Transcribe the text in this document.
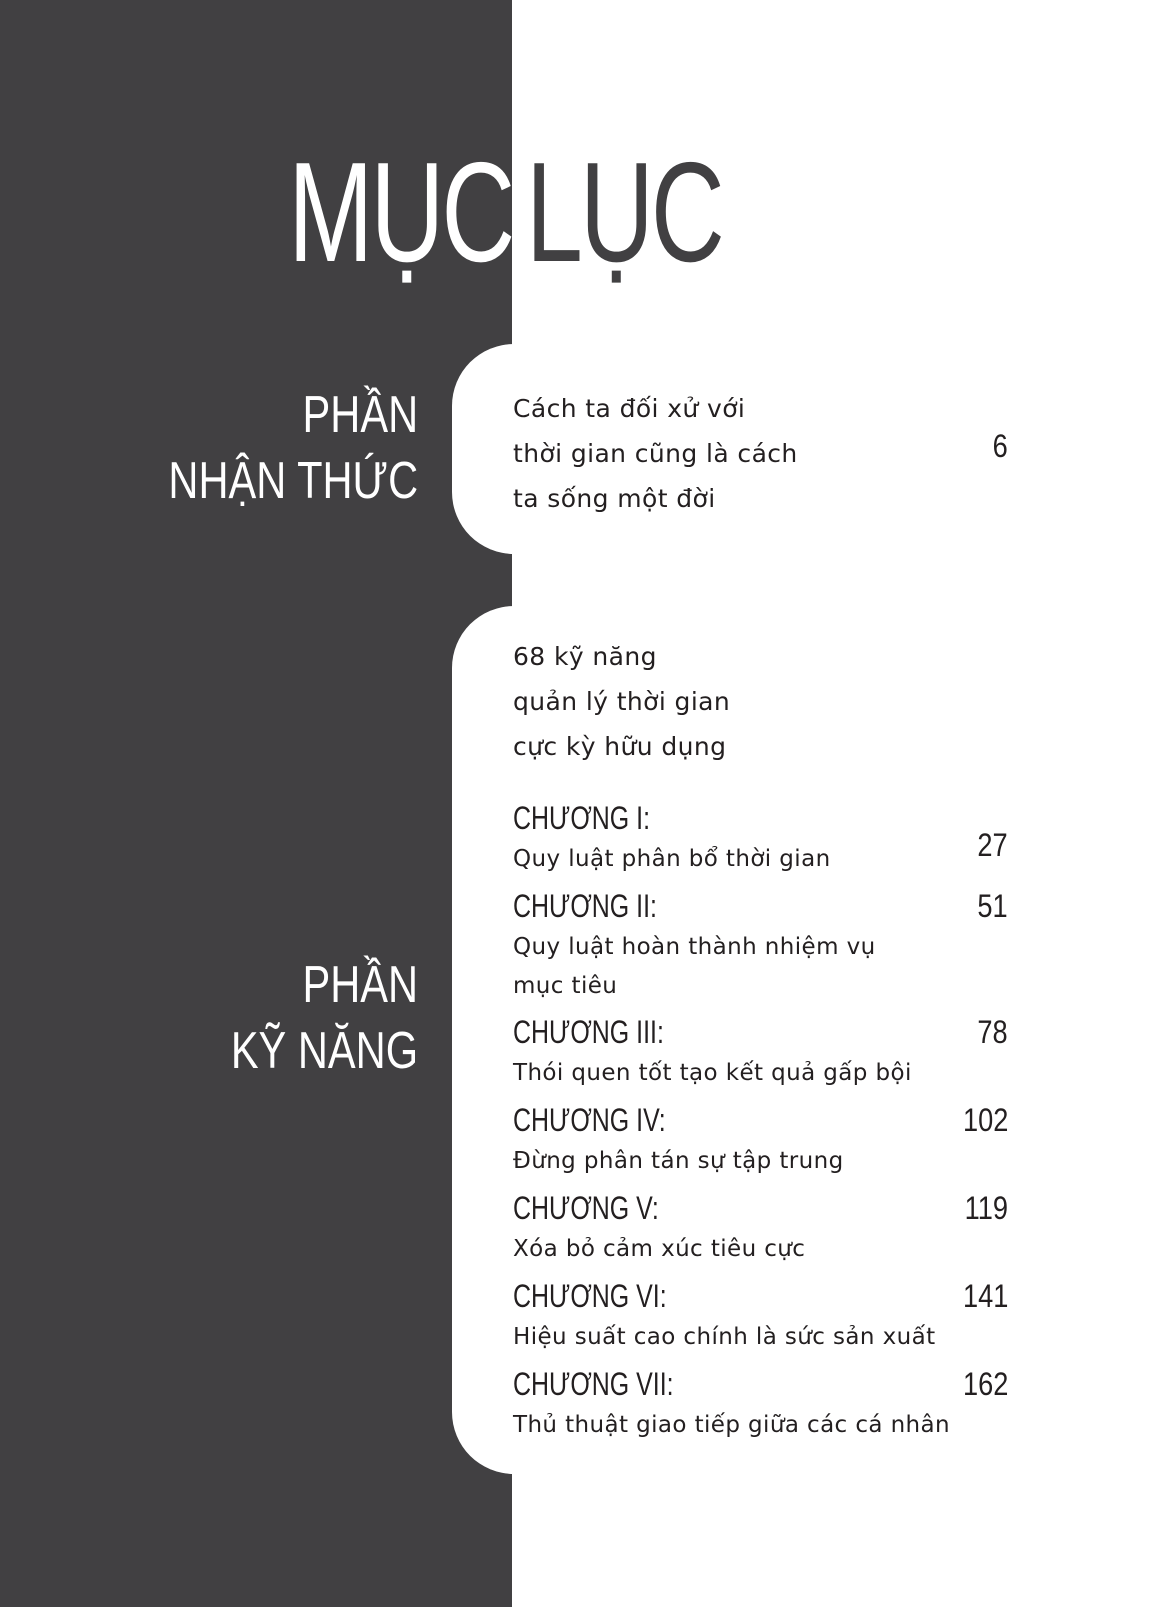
MỤC LỤC
PHẦN
NHẬN THỨC
Cách ta đối xử với
thời gian cũng là cách
ta sống một đời
6
PHẦN
KỸ NĂNG
68 kỹ năng
quản lý thời gian
cực kỳ hữu dụng
CHƯƠNG I:
Quy luật phân bổ thời gian	27
CHƯƠNG II:
Quy luật hoàn thành nhiệm vụ
mục tiêu
51
CHƯƠNG III:
Thói quen tốt tạo kết quả gấp bội
78
CHƯƠNG IV:
Đừng phân tán sự tập trung
102
CHƯƠNG V:
Xóa bỏ cảm xúc tiêu cực
119
CHƯƠNG VI:
Hiệu suất cao chính là sức sản xuất
141
CHƯƠNG VII:
Thủ thuật giao tiếp giữa các cá nhân
162
